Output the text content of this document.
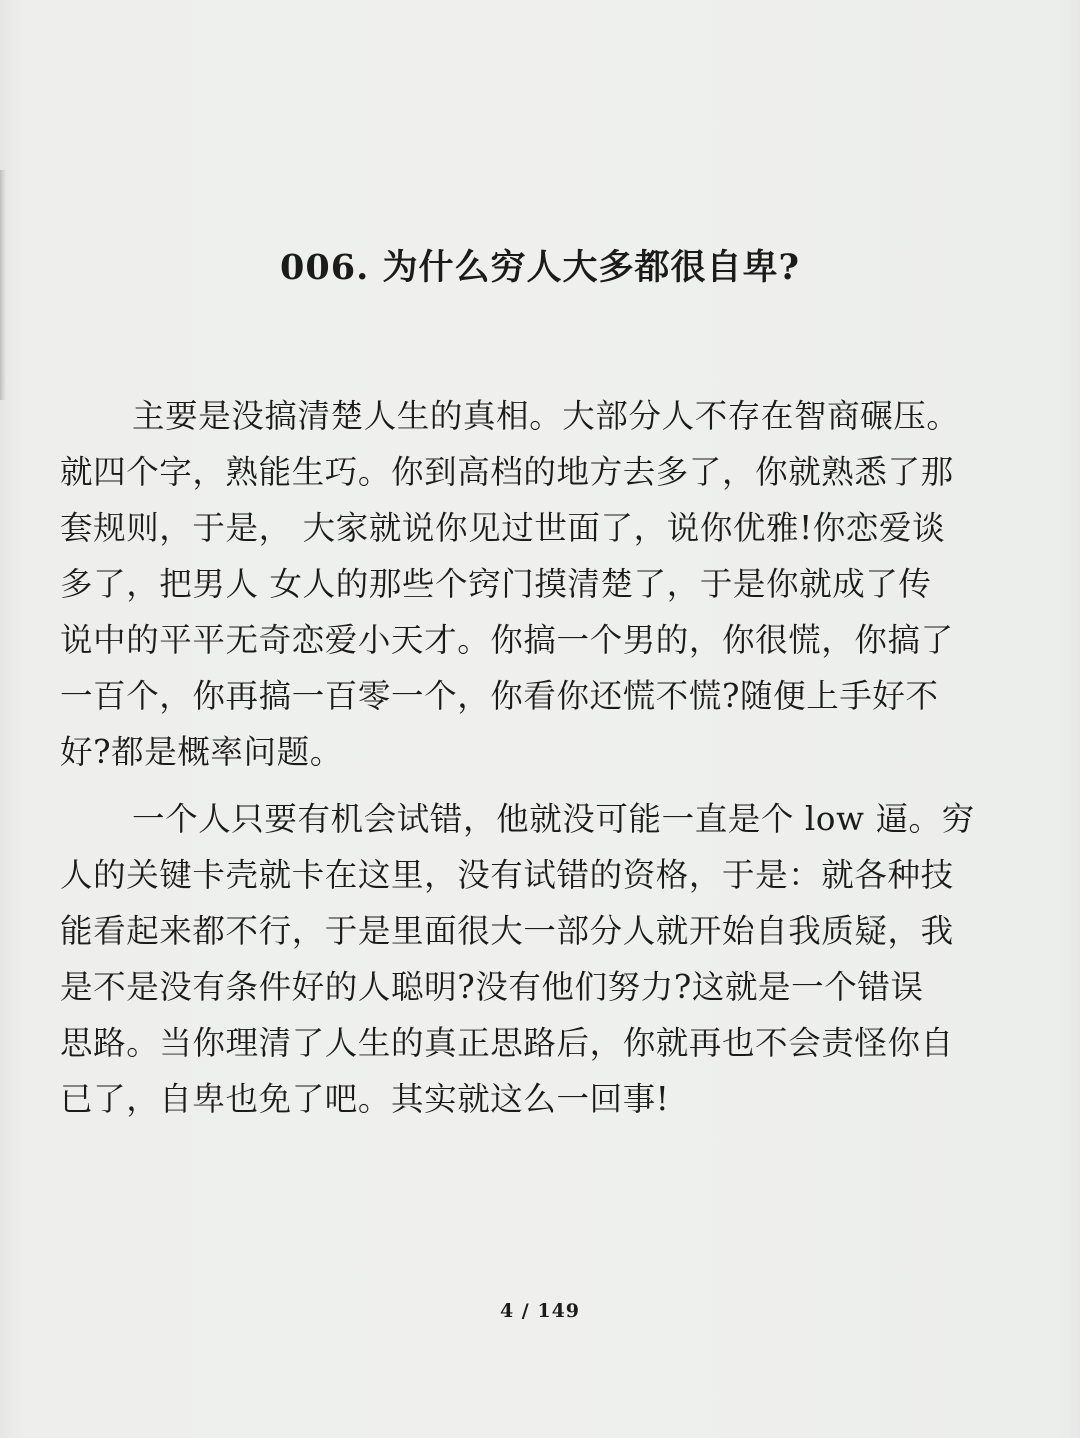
006. 为什么穷人大多都很自卑?
主要是没搞清楚人生的真相。大部分人不存在智商碾压。
就四个字，熟能生巧。你到高档的地方去多了，你就熟悉了那
套规则，于是， 大家就说你见过世面了，说你优雅!你恋爱谈
多了，把男人 女人的那些个窍门摸清楚了，于是你就成了传
说中的平平无奇恋爱小天才。你搞一个男的，你很慌，你搞了
一百个，你再搞一百零一个，你看你还慌不慌?随便上手好不
好?都是概率问题。
一个人只要有机会试错，他就没可能一直是个 low 逼。穷
人的关键卡壳就卡在这里，没有试错的资格，于是：就各种技
能看起来都不行，于是里面很大一部分人就开始自我质疑，我
是不是没有条件好的人聪明?没有他们努力?这就是一个错误
思路。当你理清了人生的真正思路后，你就再也不会责怪你自
已了，自卑也免了吧。其实就这么一回事!
4 / 149
